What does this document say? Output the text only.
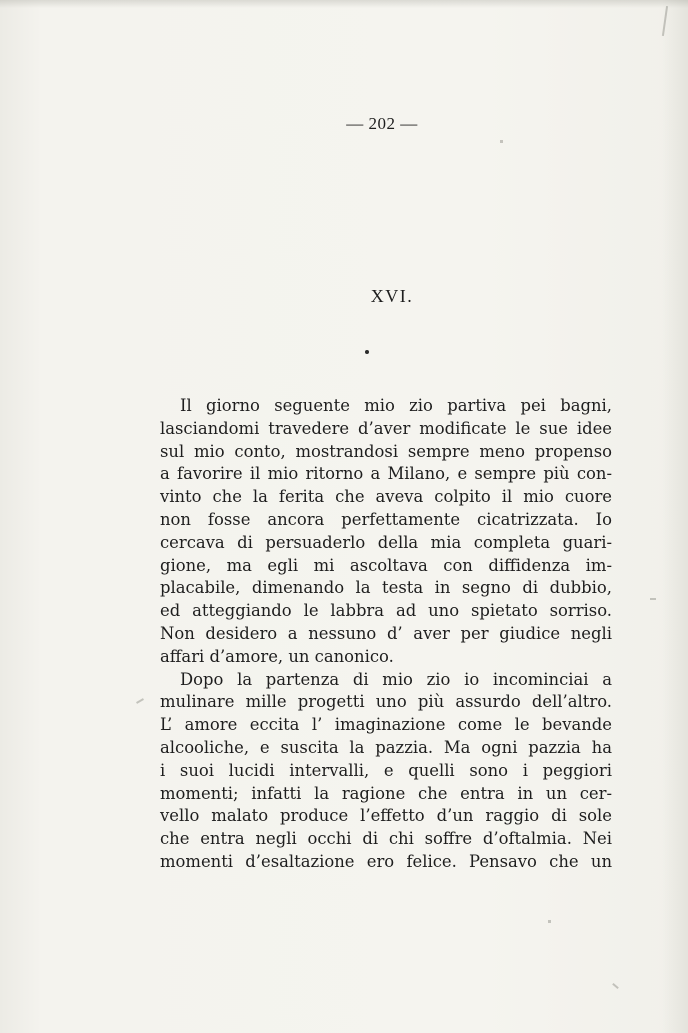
— 202 —
XVI.
Il giorno seguente mio zio partiva pei bagni,
lasciandomi travedere d’aver modificate le sue idee
sul mio conto, mostrandosi sempre meno propenso
a favorire il mio ritorno a Milano, e sempre più con-
vinto che la ferita che aveva colpito il mio cuore
non fosse ancora perfettamente cicatrizzata. Io
cercava di persuaderlo della mia completa guari-
gione, ma egli mi ascoltava con diffidenza im-
placabile, dimenando la testa in segno di dubbio,
ed atteggiando le labbra ad uno spietato sorriso.
Non desidero a nessuno d’ aver per giudice negli
affari d’amore, un canonico.
Dopo la partenza di mio zio io incominciai a
mulinare mille progetti uno più assurdo dell’altro.
L’ amore eccita l’ imaginazione come le bevande
alcooliche, e suscita la pazzia. Ma ogni pazzia ha
i suoi lucidi intervalli, e quelli sono i peggiori
momenti; infatti la ragione che entra in un cer-
vello malato produce l’effetto d’un raggio di sole
che entra negli occhi di chi soffre d’oftalmia. Nei
momenti d’esaltazione ero felice. Pensavo che un
